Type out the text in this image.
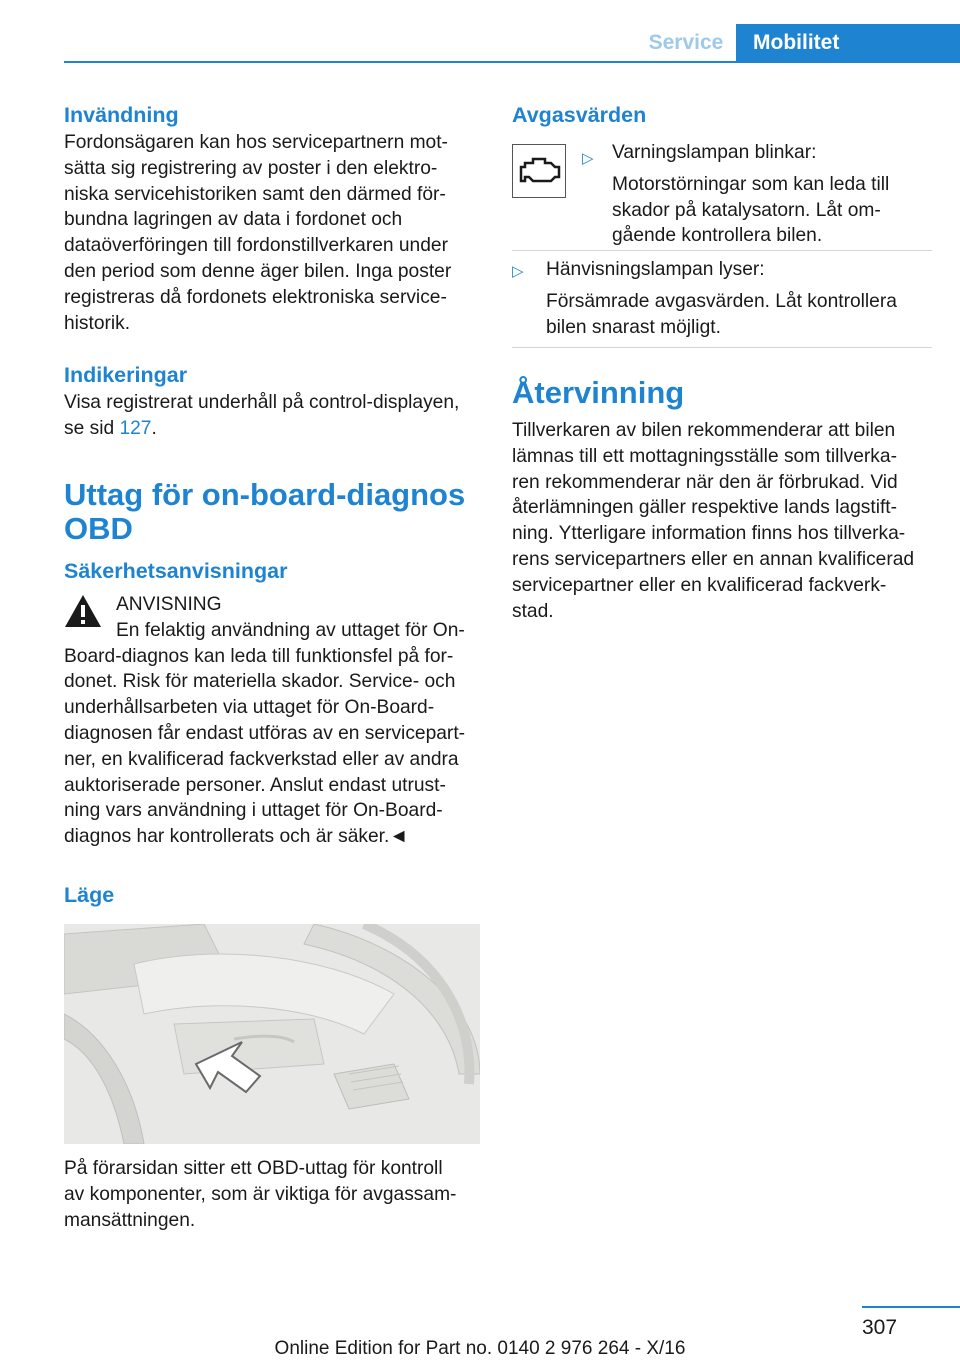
Service	Mobilitet
Invändning
Fordonsägaren kan hos servicepartnern mot-
sätta sig registrering av poster i den elektro-
niska servicehistoriken samt den därmed för-
bundna lagringen av data i fordonet och
dataöverföringen till fordonstillverkaren under
den period som denne äger bilen. Inga poster
registreras då fordonets elektroniska service-
historik.
Indikeringar
Visa registrerat underhåll på control-displayen,
se sid 127.
Uttag för on-board-diagnos
OBD
Säkerhetsanvisningar
ANVISNING
En felaktig användning av uttaget för On-
Board-diagnos kan leda till funktionsfel på for-
donet. Risk för materiella skador. Service- och
underhållsarbeten via uttaget för On-Board-
diagnosen får endast utföras av en servicepart-
ner, en kvalificerad fackverkstad eller av andra
auktoriserade personer. Anslut endast utrust-
ning vars användning i uttaget för On-Board-
diagnos har kontrollerats och är säker.◄
Läge
På förarsidan sitter ett OBD-uttag för kontroll
av komponenter, som är viktiga för avgassam-
mansättningen.
Avgasvärden
▷ Varningslampan blinkar:
Motorstörningar som kan leda till
skador på katalysatorn. Låt om-
gående kontrollera bilen.
▷ Hänvisningslampan lyser:
Försämrade avgasvärden. Låt kontrollera
bilen snarast möjligt.
Återvinning
Tillverkaren av bilen rekommenderar att bilen
lämnas till ett mottagningsställe som tillverka-
ren rekommenderar när den är förbrukad. Vid
återlämningen gäller respektive lands lagstift-
ning. Ytterligare information finns hos tillverka-
rens servicepartners eller en annan kvalificerad
servicepartner eller en kvalificerad fackverk-
stad.
307
Online Edition for Part no. 0140 2 976 264 - X/16
